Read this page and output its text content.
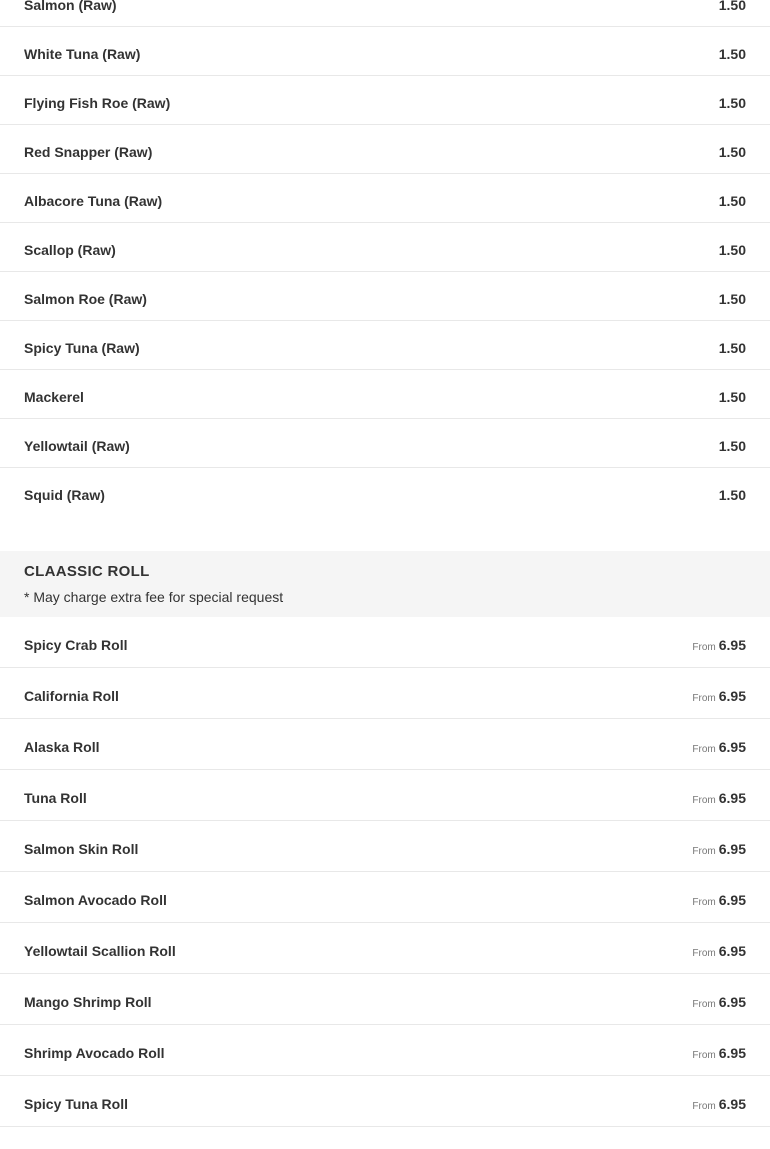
Salmon (Raw)	1.50
White Tuna (Raw)	1.50
Flying Fish Roe (Raw)	1.50
Red Snapper (Raw)	1.50
Albacore Tuna (Raw)	1.50
Scallop (Raw)	1.50
Salmon Roe (Raw)	1.50
Spicy Tuna (Raw)	1.50
Mackerel	1.50
Yellowtail (Raw)	1.50
Squid (Raw)	1.50
CLAASSIC ROLL
* May charge extra fee for special request
Spicy Crab Roll	From 6.95
California Roll	From 6.95
Alaska Roll	From 6.95
Tuna Roll	From 6.95
Salmon Skin Roll	From 6.95
Salmon Avocado Roll	From 6.95
Yellowtail Scallion Roll	From 6.95
Mango Shrimp Roll	From 6.95
Shrimp Avocado Roll	From 6.95
Spicy Tuna Roll	From 6.95
